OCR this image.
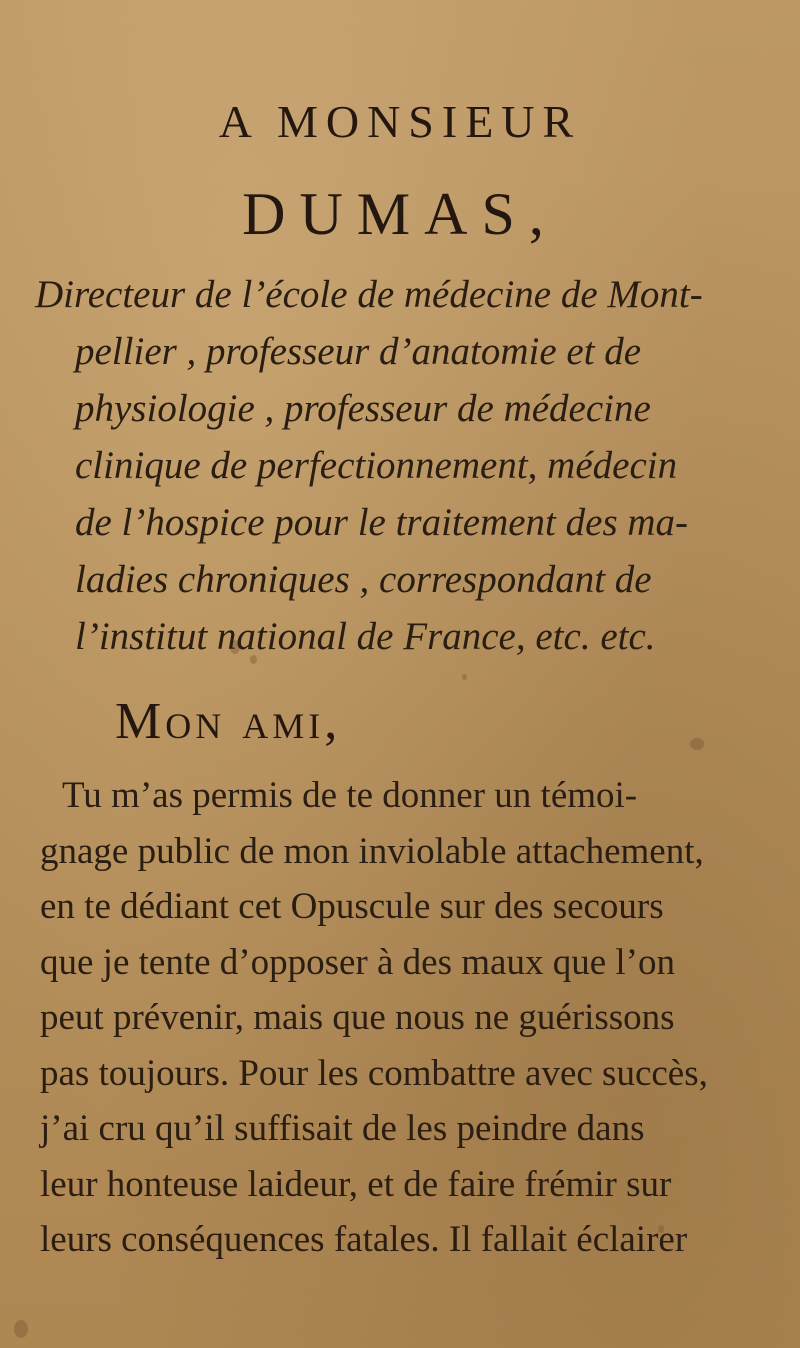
A MONSIEUR
DUMAS,
Directeur de l’école de médecine de Mont-
pellier , professeur d’anatomie et de
physiologie , professeur de médecine
clinique de perfectionnement, médecin
de l’hospice pour le traitement des ma-
ladies chroniques , correspondant de
l’institut national de France, etc. etc.
Mon ami,
Tu m’as permis de te donner un témoi-
gnage public de mon inviolable attachement,
en te dédiant cet Opuscule sur des secours
que je tente d’opposer à des maux que l’on
peut prévenir, mais que nous ne guérissons
pas toujours. Pour les combattre avec succès,
j’ai cru qu’il suffisait de les peindre dans
leur honteuse laideur, et de faire frémir sur
leurs conséquences fatales. Il fallait éclairer
